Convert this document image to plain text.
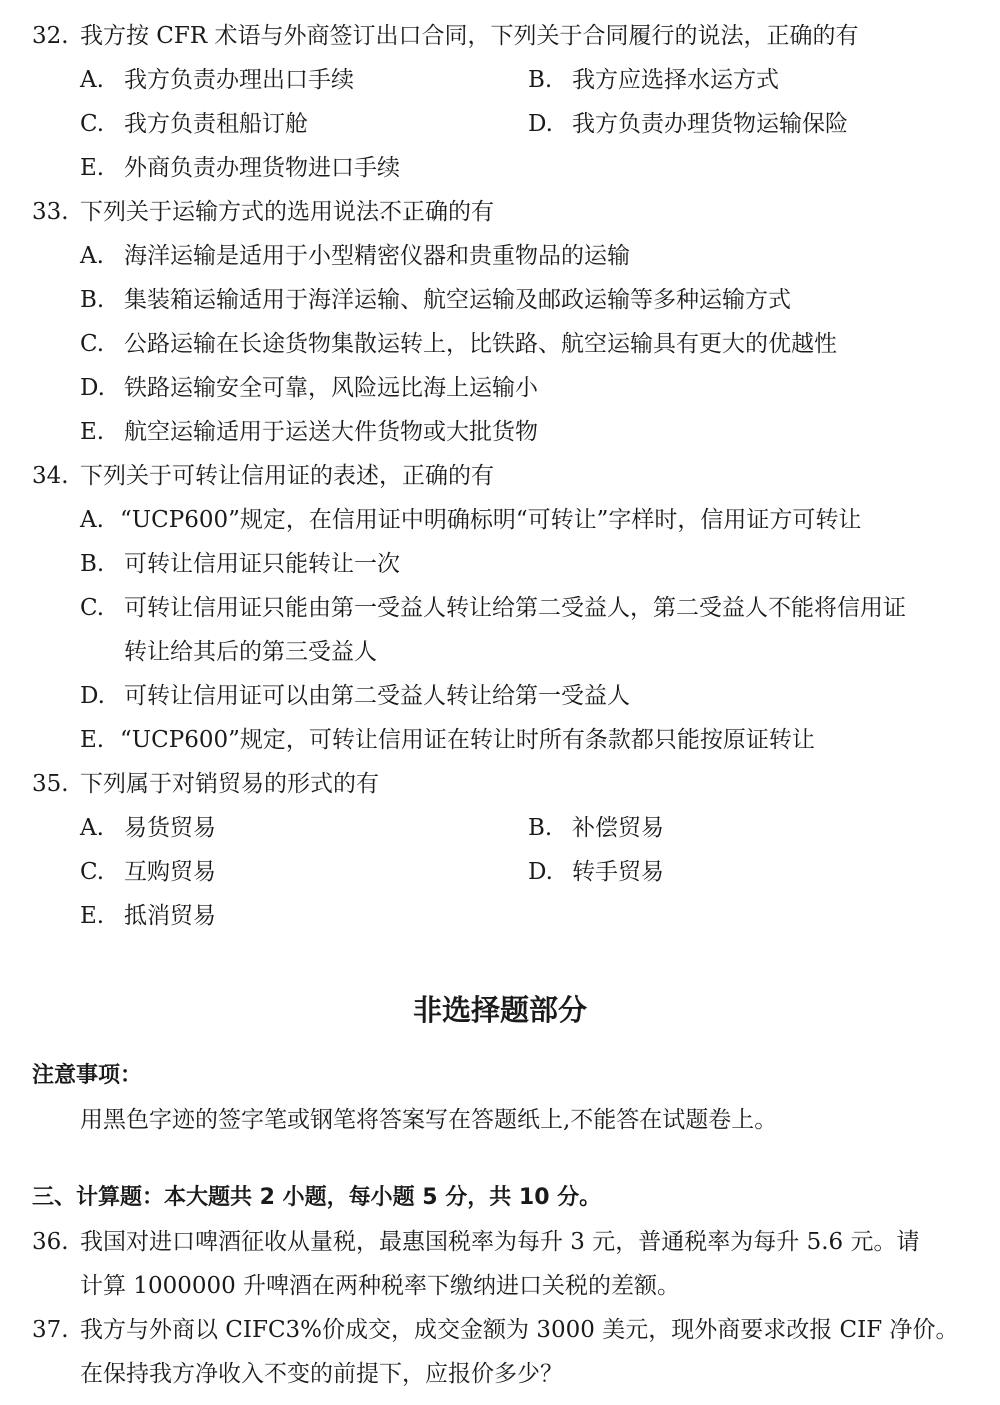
32. 我方按 CFR 术语与外商签订出口合同，下列关于合同履行的说法，正确的有
A. 我方负责办理出口手续	B. 我方应选择水运方式
C. 我方负责租船订舱	D. 我方负责办理货物运输保险
E. 外商负责办理货物进口手续
33. 下列关于运输方式的选用说法不正确 • • •的有
A. 海洋运输是适用于小型精密仪器和贵重物品的运输
B. 集装箱运输适用于海洋运输、航空运输及邮政运输等多种运输方式
C. 公路运输在长途货物集散运转上，比铁路、航空运输具有更大的优越性
D. 铁路运输安全可靠，风险远比海上运输小
E. 航空运输适用于运送大件货物或大批货物
34. 下列关于可转让信用证的表述，正确的有
A. “UCP600”规定，在信用证中明确标明“可转让”字样时，信用证方可转让
B. 可转让信用证只能转让一次
C. 可转让信用证只能由第一受益人转让给第二受益人，第二受益人不能将信用证
转让给其后的第三受益人
D. 可转让信用证可以由第二受益人转让给第一受益人
E. “UCP600”规定，可转让信用证在转让时所有条款都只能按原证转让
35. 下列属于对销贸易的形式的有
A. 易货贸易	B. 补偿贸易
C. 互购贸易	D. 转手贸易
E. 抵消贸易
非选择题部分
注意事项：
用黑色字迹的签字笔或钢笔将答案写在答题纸上,不能答在试题卷上。
三、计算题：本大题共 2 小题，每小题 5 分，共 10 分。
36. 我国对进口啤酒征收从量税，最惠国税率为每升 3 元，普通税率为每升 5.6 元。请
计算 1000000 升啤酒在两种税率下缴纳进口关税的差额。
37. 我方与外商以 CIFC3%价成交，成交金额为 3000 美元，现外商要求改报 CIF 净价。
在保持我方净收入不变的前提下，应报价多少？
